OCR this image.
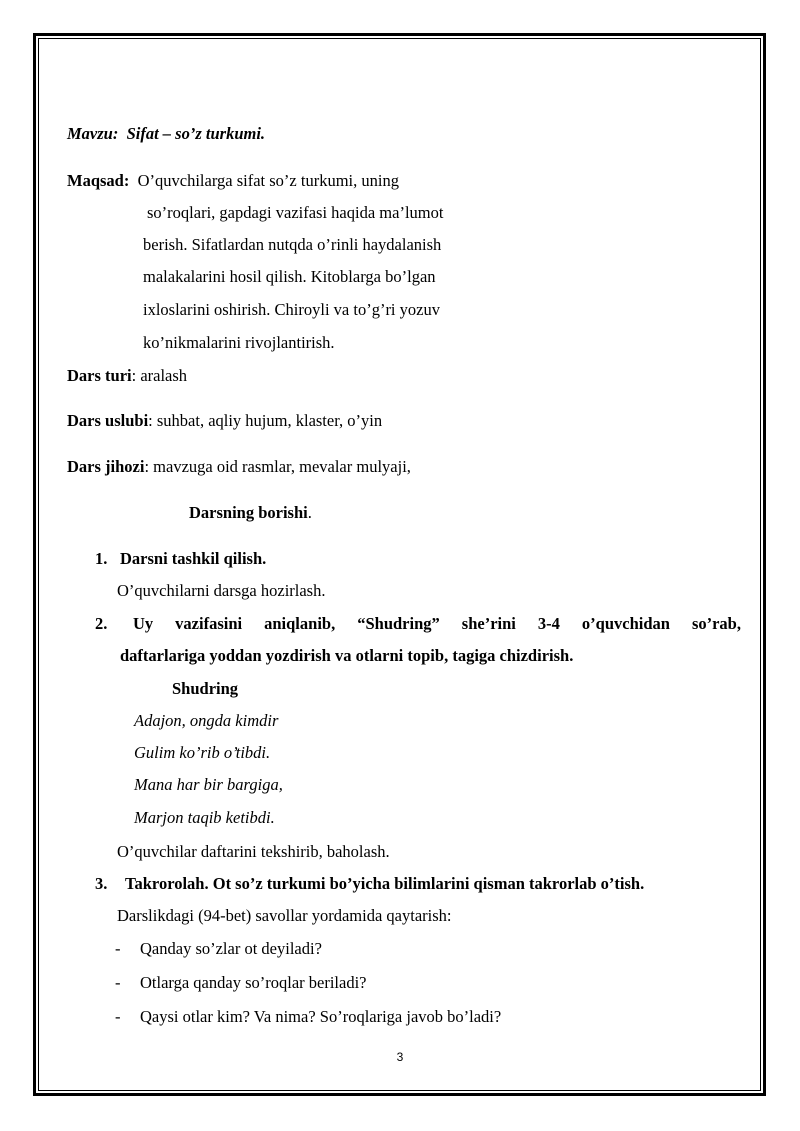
Mavzu: Sifat – so’z turkumi.
Maqsad: O’quvchilarga sifat so’z turkumi, uning
so’roqlari, gapdagi vazifasi haqida ma’lumot
berish. Sifatlardan nutqda o’rinli haydalanish
malakalarini hosil qilish. Kitoblarga bo’lgan
ixloslarini oshirish. Chiroyli va to’g’ri yozuv
ko’nikmalarini rivojlantirish.
Dars turi: aralash
Dars uslubi: suhbat, aqliy hujum, klaster, o’yin
Dars jihozi: mavzuga oid rasmlar, mevalar mulyaji,
Darsning borishi.
1. Darsni tashkil qilish.
O’quvchilarni darsga hozirlash.
2. Uy vazifasini aniqlanib, “Shudring” she’rini 3-4 o’quvchidan so’rab,
daftarlariga yoddan yozdirish va otlarni topib, tagiga chizdirish.
Shudring
Adajon, ongda kimdir
Gulim ko’rib o’tibdi.
Mana har bir bargiga,
Marjon taqib ketibdi.
O’quvchilar daftarini tekshirib, baholash.
3. Takrorolah. Ot so’z turkumi bo’yicha bilimlarini qisman takrorlab o’tish.
Darslikdagi (94-bet) savollar yordamida qaytarish:
- Qanday so’zlar ot deyiladi?
- Otlarga qanday so’roqlar beriladi?
- Qaysi otlar kim? Va nima? So’roqlariga javob bo’ladi?
3
